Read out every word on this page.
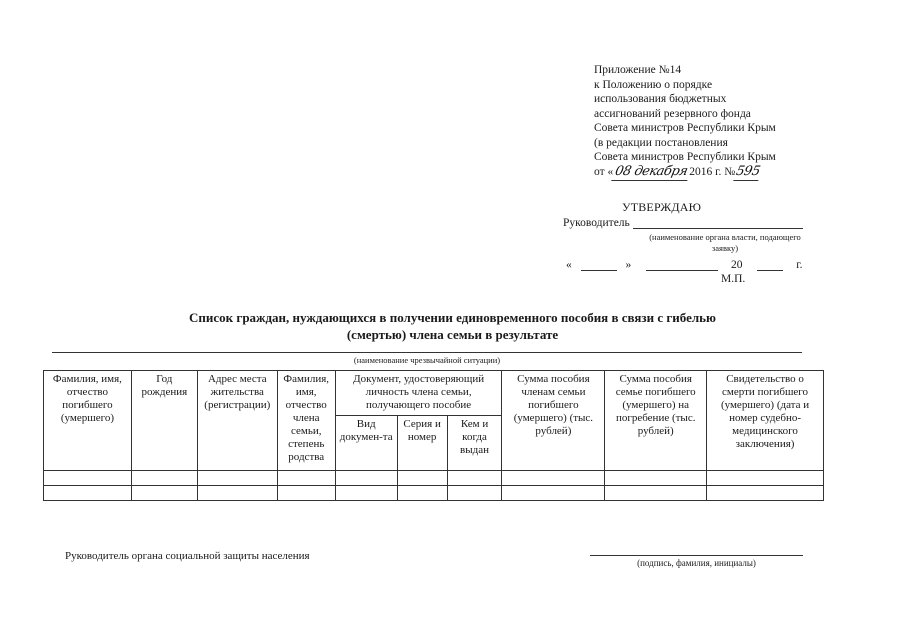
Приложение №14
к Положению о порядке
использования бюджетных
ассигнований резервного фонда
Совета министров Республики Крым
(в редакции постановления
Совета министров Республики Крым
от «08 декабря2016 г. №595
УТВЕРЖДАЮ
Руководитель
(наименование органа власти, подающего заявку)
«	»	20	г.
М.П.
Список граждан, нуждающихся в получении единовременного пособия в связи с гибелью
(смертью) члена семьи в результате
(наименование чрезвычайной ситуации)
Фамилия, имя, отчество погибшего (умершего)	Год рождения	Адрес места жительства (регистрации)	Фамилия, имя, отчество члена семьи, степень родства	Документ, удостоверяющий личность члена семьи, получающего пособие			Сумма пособия членам семьи погибшего (умершего) (тыс. рублей)	Сумма пособия семье погибшего (умершего) на погребение (тыс. рублей)	Свидетельство о смерти погибшего (умершего) (дата и номер судебно-медицинского заключения)
				Вид докумен-та	Серия и номер	Кем и когда выдан			

Руководитель органа социальной защиты населения
(подпись, фамилия, инициалы)
